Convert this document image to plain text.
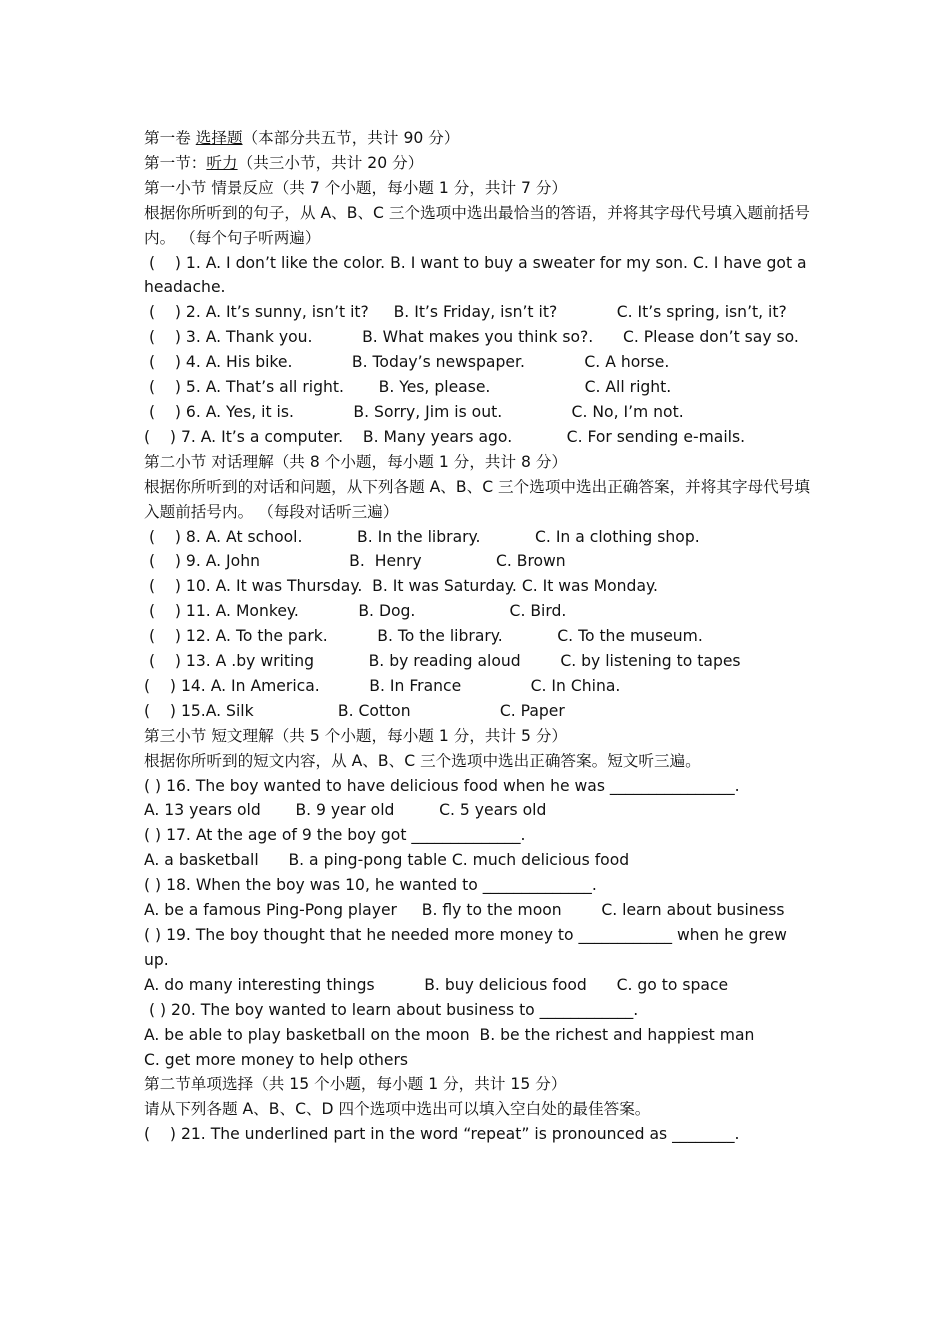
第一卷 选择题（本部分共五节，共计 90 分）

第一节：听力（共三小节，共计 20 分）

第一小节 情景反应（共 7 个小题，每小题 1 分，共计 7 分）

根据你所听到的句子，从 A、B、C 三个选项中选出最恰当的答语，并将其字母代号填入题前括号内。 （每个句子听两遍）

(    ) 1. A. I don’t like the color. B. I want to buy a sweater for my son. C. I have got a headache.

(    ) 2. A. It’s sunny, isn’t it?     B. It’s Friday, isn’t it?            C. It’s spring, isn’t, it?

(    ) 3. A. Thank you.          B. What makes you think so?.      C. Please don’t say so.

(    ) 4. A. His bike.            B. Today’s newspaper.            C. A horse.

(    ) 5. A. That’s all right.       B. Yes, please.                   C. All right.

(    ) 6. A. Yes, it is.            B. Sorry, Jim is out.              C. No, I’m not.

(    ) 7. A. It’s a computer.    B. Many years ago.           C. For sending e-mails.

第二小节 对话理解（共 8 个小题，每小题 1 分，共计 8 分）

根据你所听到的对话和问题，从下列各题 A、B、C 三个选项中选出正确答案，并将其字母代号填入题前括号内。 （每段对话听三遍）

(    ) 8. A. At school.           B. In the library.           C. In a clothing shop.

(    ) 9. A. John                  B.  Henry               C. Brown

(    ) 10. A. It was Thursday.  B. It was Saturday. C. It was Monday.

(    ) 11. A. Monkey.            B. Dog.                   C. Bird.

(    ) 12. A. To the park.          B. To the library.           C. To the museum.

(    ) 13. A .by writing           B. by reading aloud        C. by listening to tapes

(    ) 14. A. In America.          B. In France              C. In China.

(    ) 15.A. Silk                 B. Cotton                  C. Paper

第三小节 短文理解（共 5 个小题，每小题 1 分，共计 5 分）

根据你所听到的短文内容，从 A、B、C 三个选项中选出正确答案。短文听三遍。

( ) 16. The boy wanted to have delicious food when he was ________________.

A. 13 years old       B. 9 year old         C. 5 years old

( ) 17. At the age of 9 the boy got ______________.

A. a basketball      B. a ping-pong table C. much delicious food

( ) 18. When the boy was 10, he wanted to ______________.

A. be a famous Ping-Pong player     B. fly to the moon        C. learn about business

( ) 19. The boy thought that he needed more money to ____________ when he grew up.

A. do many interesting things          B. buy delicious food      C. go to space

( ) 20. The boy wanted to learn about business to ____________.

A. be able to play basketball on the moon  B. be the richest and happiest man

C. get more money to help others

第二节单项选择（共 15 个小题，每小题 1 分，共计 15 分）

请从下列各题 A、B、C、D 四个选项中选出可以填入空白处的最佳答案。

(    ) 21. The underlined part in the word “repeat” is pronounced as ________.
